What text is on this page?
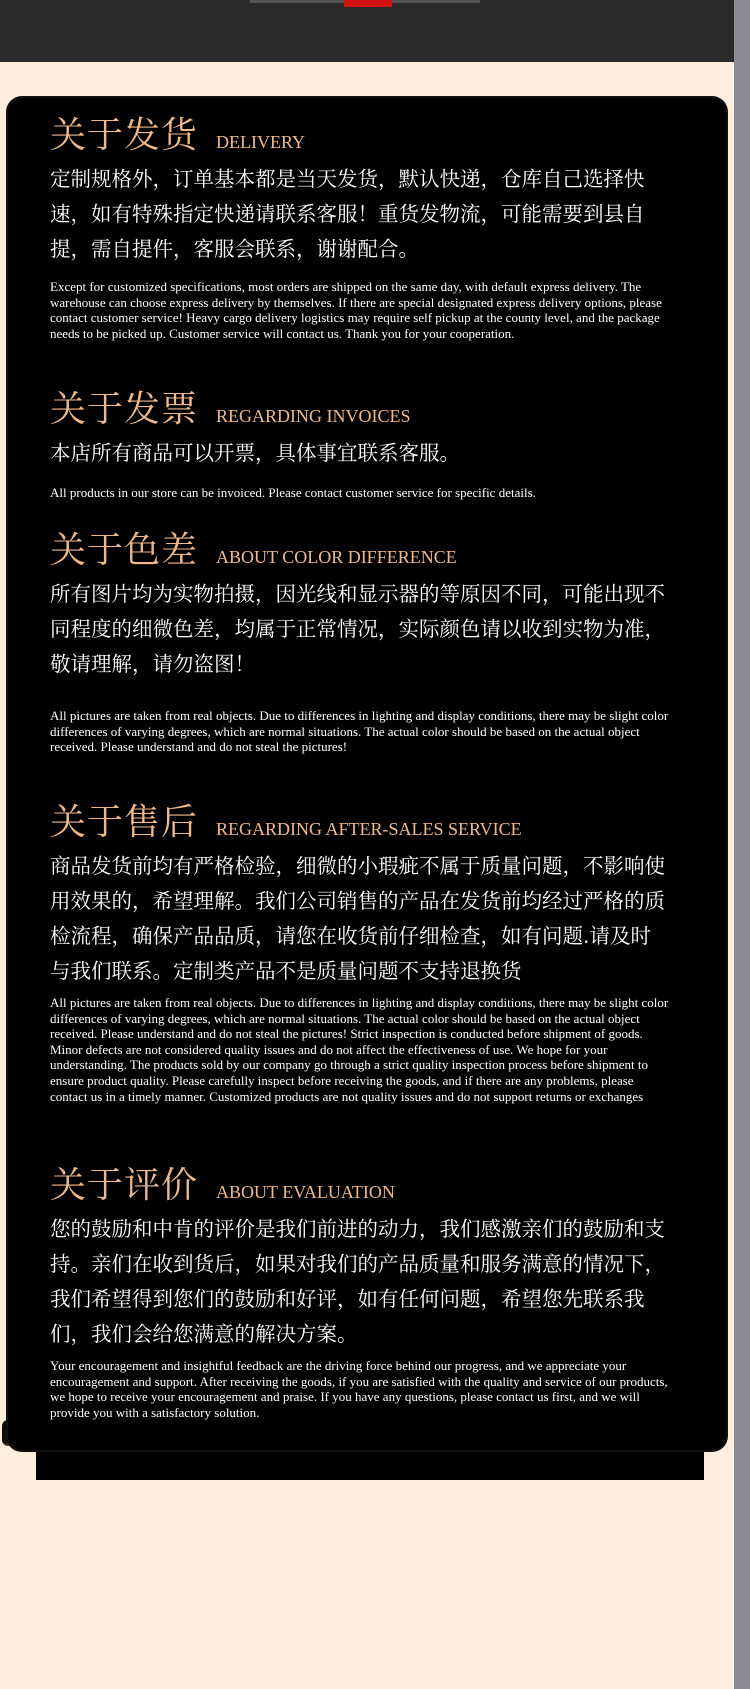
关于发货 DELIVERY

定制规格外，订单基本都是当天发货，默认快递，仓库自己选择快速，如有特殊指定快递请联系客服！重货发物流，可能需要到县自提，需自提件，客服会联系，谢谢配合。

Except for customized specifications, most orders are shipped on the same day, with default express delivery. The warehouse can choose express delivery by themselves. If there are special designated express delivery options, please contact customer service! Heavy cargo delivery logistics may require self pickup at the county level, and the package needs to be picked up. Customer service will contact us. Thank you for your cooperation.

关于发票 REGARDING INVOICES

本店所有商品可以开票，具体事宜联系客服。

All products in our store can be invoiced. Please contact customer service for specific details.

关于色差 ABOUT COLOR DIFFERENCE

所有图片均为实物拍摄，因光线和显示器的等原因不同，可能出现不同程度的细微色差，均属于正常情况，实际颜色请以收到实物为准，敬请理解，请勿盗图！

All pictures are taken from real objects. Due to differences in lighting and display conditions, there may be slight color differences of varying degrees, which are normal situations. The actual color should be based on the actual object received. Please understand and do not steal the pictures!

关于售后 REGARDING AFTER-SALES SERVICE

商品发货前均有严格检验，细微的小瑕疵不属于质量问题，不影响使用效果的，希望理解。我们公司销售的产品在发货前均经过严格的质检流程，确保产品品质，请您在收货前仔细检查，如有问题.请及时与我们联系。定制类产品不是质量问题不支持退换货

All pictures are taken from real objects. Due to differences in lighting and display conditions, there may be slight color differences of varying degrees, which are normal situations. The actual color should be based on the actual object received. Please understand and do not steal the pictures! Strict inspection is conducted before shipment of goods. Minor defects are not considered quality issues and do not affect the effectiveness of use. We hope for your understanding. The products sold by our company go through a strict quality inspection process before shipment to ensure product quality. Please carefully inspect before receiving the goods, and if there are any problems, please contact us in a timely manner. Customized products are not quality issues and do not support returns or exchanges

关于评价 ABOUT EVALUATION

您的鼓励和中肯的评价是我们前进的动力，我们感激亲们的鼓励和支持。亲们在收到货后，如果对我们的产品质量和服务满意的情况下，我们希望得到您们的鼓励和好评，如有任何问题，希望您先联系我们，我们会给您满意的解决方案。

Your encouragement and insightful feedback are the driving force behind our progress, and we appreciate your encouragement and support. After receiving the goods, if you are satisfied with the quality and service of our products, we hope to receive your encouragement and praise. If you have any questions, please contact us first, and we will provide you with a satisfactory solution.
